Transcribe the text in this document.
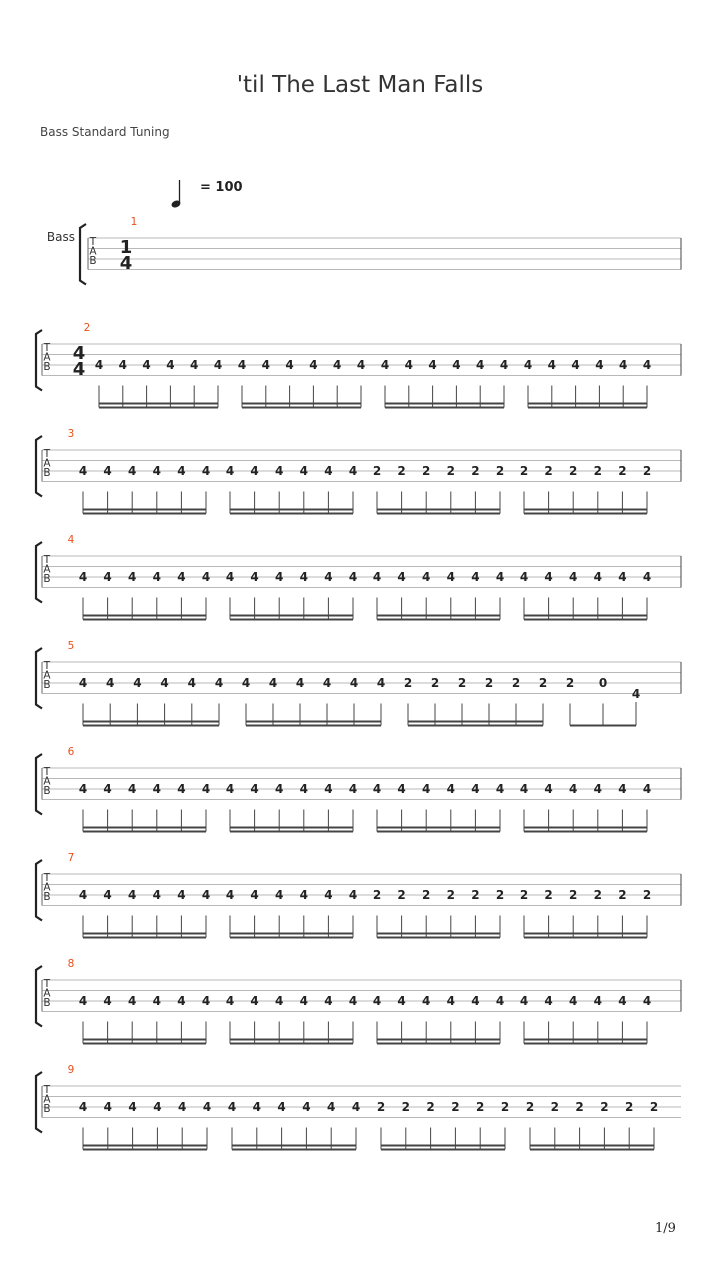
'til The Last Man Falls
Bass Standard Tuning
= 100
T
A
B
1
Bass 1
4
T
A
B
2
4
4 4 4 4 4 4 4 4 4 4 4 4 4 4 4 4 4 4 4 4 4 4 4 4 4
T
A
B
3
4 4 4 4 4 4 4 4 4 4 4 4 2 2 2 2 2 2 2 2 2 2 2 2
T
A
B
4
4 4 4 4 4 4 4 4 4 4 4 4 4 4 4 4 4 4 4 4 4 4 4 4
T
A
B
5
4 4 4 4 4 4 4 4 4 4 4 4 2 2 2 2 2 2 2 0
4
T
A
B
6
4 4 4 4 4 4 4 4 4 4 4 4 4 4 4 4 4 4 4 4 4 4 4 4
T
A
B
7
4 4 4 4 4 4 4 4 4 4 4 4 2 2 2 2 2 2 2 2 2 2 2 2
T
A
B
8
4 4 4 4 4 4 4 4 4 4 4 4 4 4 4 4 4 4 4 4 4 4 4 4
T
A
B
9
4 4 4 4 4 4 4 4 4 4 4 4 2 2 2 2 2 2 2 2 2 2 2 2
1/9
